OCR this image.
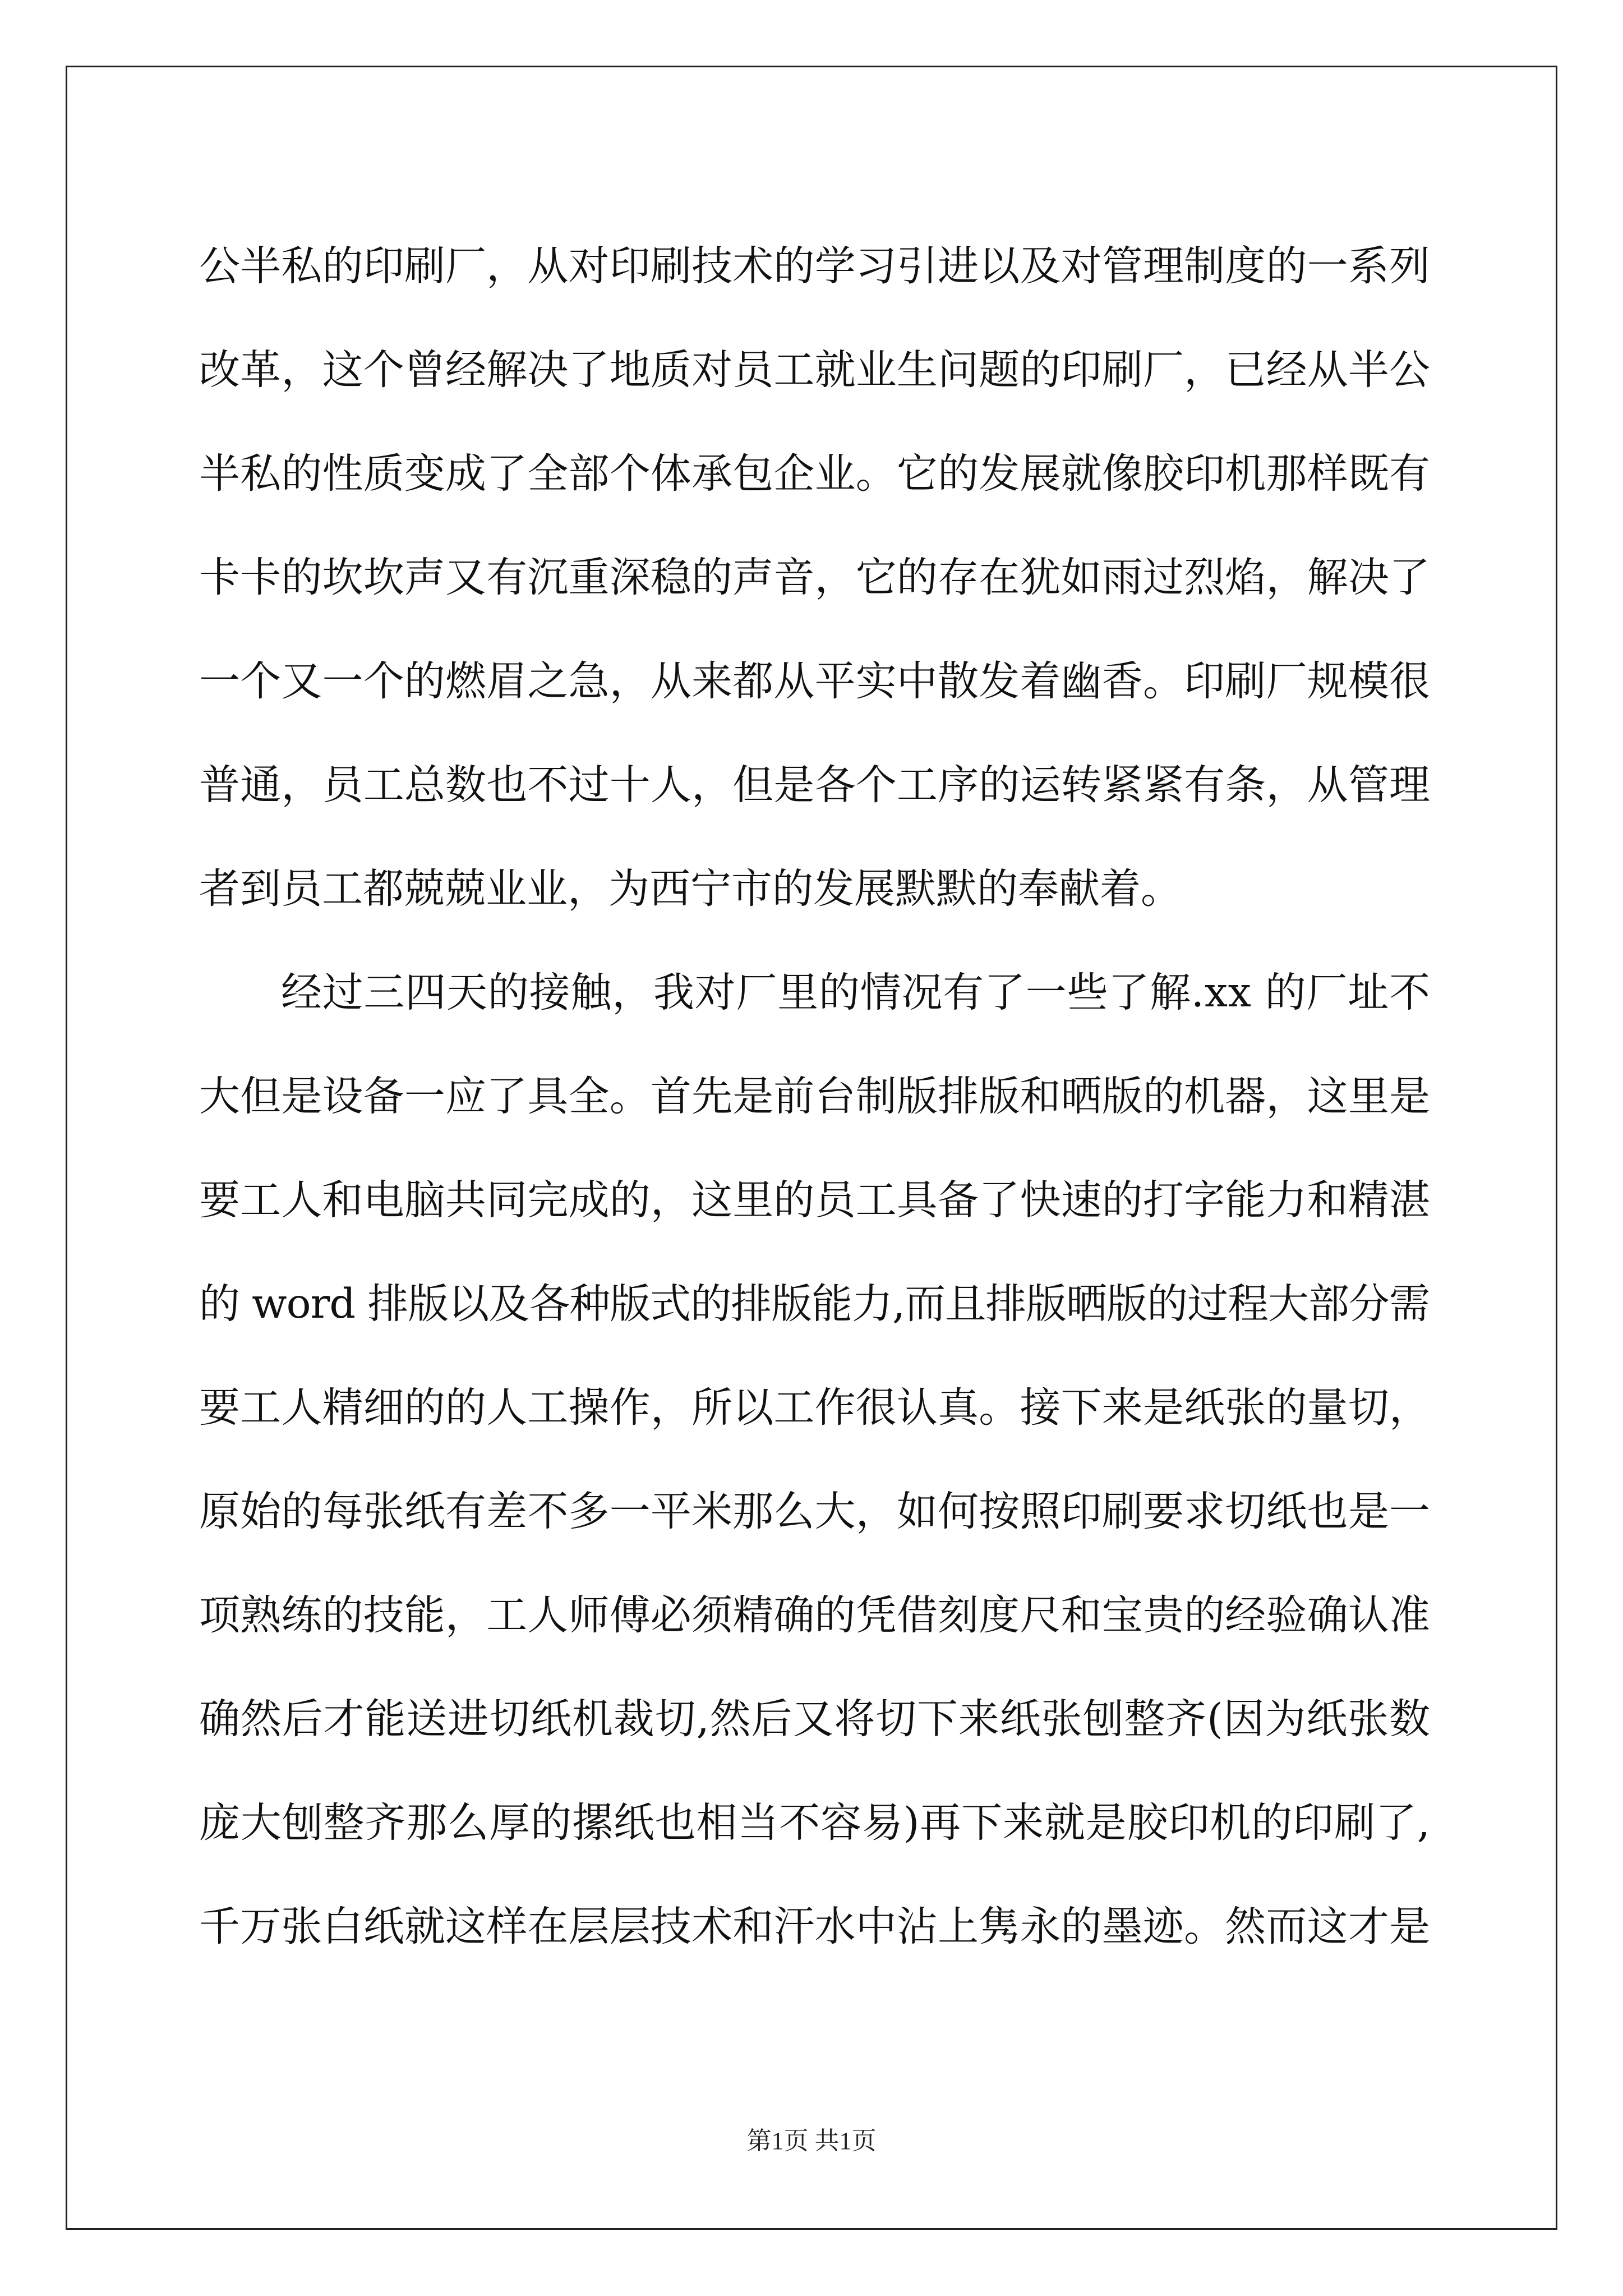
公半私的印刷厂，从对印刷技术的学习引进以及对管理制度的一系列
改革，这个曾经解决了地质对员工就业生问题的印刷厂，已经从半公
半私的性质变成了全部个体承包企业。它的发展就像胶印机那样既有
卡卡的坎坎声又有沉重深稳的声音，它的存在犹如雨过烈焰，解决了
一个又一个的燃眉之急，从来都从平实中散发着幽香。印刷厂规模很
普通，员工总数也不过十人，但是各个工序的运转紧紧有条，从管理
者到员工都兢兢业业，为西宁市的发展默默的奉献着。
经过三四天的接触，我对厂里的情况有了一些了解.xx 的厂址不
大但是设备一应了具全。首先是前台制版排版和晒版的机器，这里是
要工人和电脑共同完成的，这里的员工具备了快速的打字能力和精湛
的 word 排版以及各种版式的排版能力,而且排版晒版的过程大部分需
要工人精细的的人工操作，所以工作很认真。接下来是纸张的量切，
原始的每张纸有差不多一平米那么大，如何按照印刷要求切纸也是一
项熟练的技能，工人师傅必须精确的凭借刻度尺和宝贵的经验确认准
确然后才能送进切纸机裁切,然后又将切下来纸张刨整齐(因为纸张数
庞大刨整齐那么厚的摞纸也相当不容易)再下来就是胶印机的印刷了,
千万张白纸就这样在层层技术和汗水中沾上隽永的墨迹。然而这才是
第1页 共1页
